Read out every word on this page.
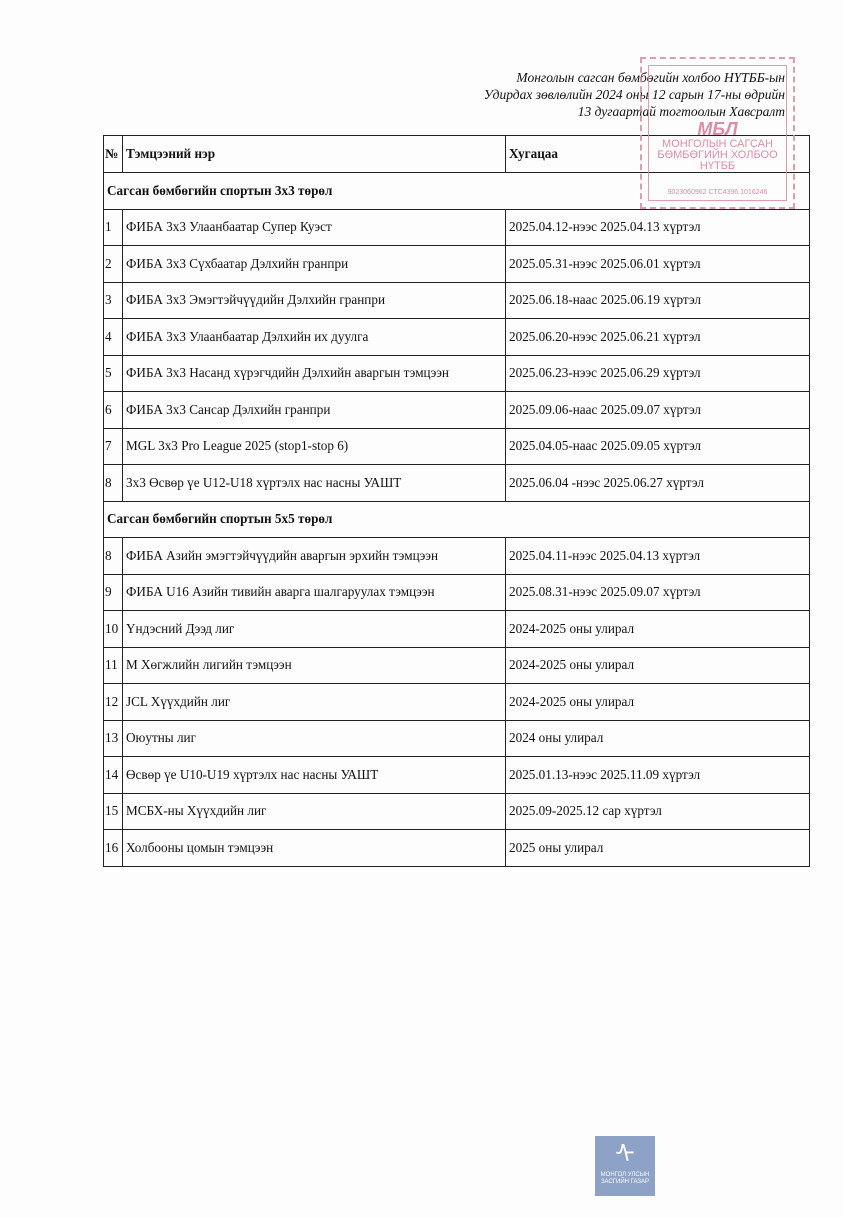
Монголын сагсан бөмбөгийн холбоо НҮТББ-ын
Удирдах зөвлөлийн 2024 оны 12 сарын 17-ны өдрийн
13 дугаартай тогтоолын Хавсралт
№	Тэмцээний нэр	Хугацаа
Сагсан бөмбөгийн спортын 3х3 төрөл		
1	ФИБА 3х3 Улаанбаатар Супер Куэст	2025.04.12-нээс 2025.04.13 хүртэл
2	ФИБА 3х3 Сүхбаатар Дэлхийн гранпри	2025.05.31-нээс 2025.06.01 хүртэл
3	ФИБА 3х3 Эмэгтэйчүүдийн Дэлхийн гранпри	2025.06.18-наас 2025.06.19 хүртэл
4	ФИБА 3х3 Улаанбаатар Дэлхийн их дуулга	2025.06.20-нээс 2025.06.21 хүртэл
5	ФИБА 3х3 Насанд хүрэгчдийн Дэлхийн аваргын тэмцээн	2025.06.23-нээс 2025.06.29 хүртэл
6	ФИБА 3х3 Сансар Дэлхийн гранпри	2025.09.06-наас 2025.09.07 хүртэл
7	MGL 3x3 Pro League 2025 (stop1-stop 6)	2025.04.05-наас 2025.09.05 хүртэл
8	3х3 Өсвөр үе U12-U18 хүртэлх нас насны УАШТ	2025.06.04 -нээс 2025.06.27 хүртэл
Сагсан бөмбөгийн спортын 5х5 төрөл		
8	ФИБА Азийн эмэгтэйчүүдийн аваргын эрхийн тэмцээн	2025.04.11-нээс 2025.04.13 хүртэл
9	ФИБА U16 Азийн тивийн аварга шалгаруулах тэмцээн	2025.08.31-нээс 2025.09.07 хүртэл
10	Үндэсний Дээд лиг	2024-2025 оны улирал
11	М Хөгжлийн лигийн тэмцээн	2024-2025 оны улирал
12	JCL Хүүхдийн лиг	2024-2025 оны улирал
13	Оюутны лиг	2024 оны улирал
14	Өсвөр үе U10-U19 хүртэлх нас насны УАШТ	2025.01.13-нээс 2025.11.09 хүртэл
15	МСБХ-ны Хүүхдийн лиг	2025.09-2025.12 сар хүртэл
16	Холбооны цомын тэмцээн	2025 оны улирал
МБЛ
МОНГОЛЫН САГСАН
БӨМБӨГИЙН ХОЛБОО
НҮТББ
9023060962 СТС4396 1016246
ᠰ
МОНГОЛ УЛСЫН
ЗАСГИЙН ГАЗАР
